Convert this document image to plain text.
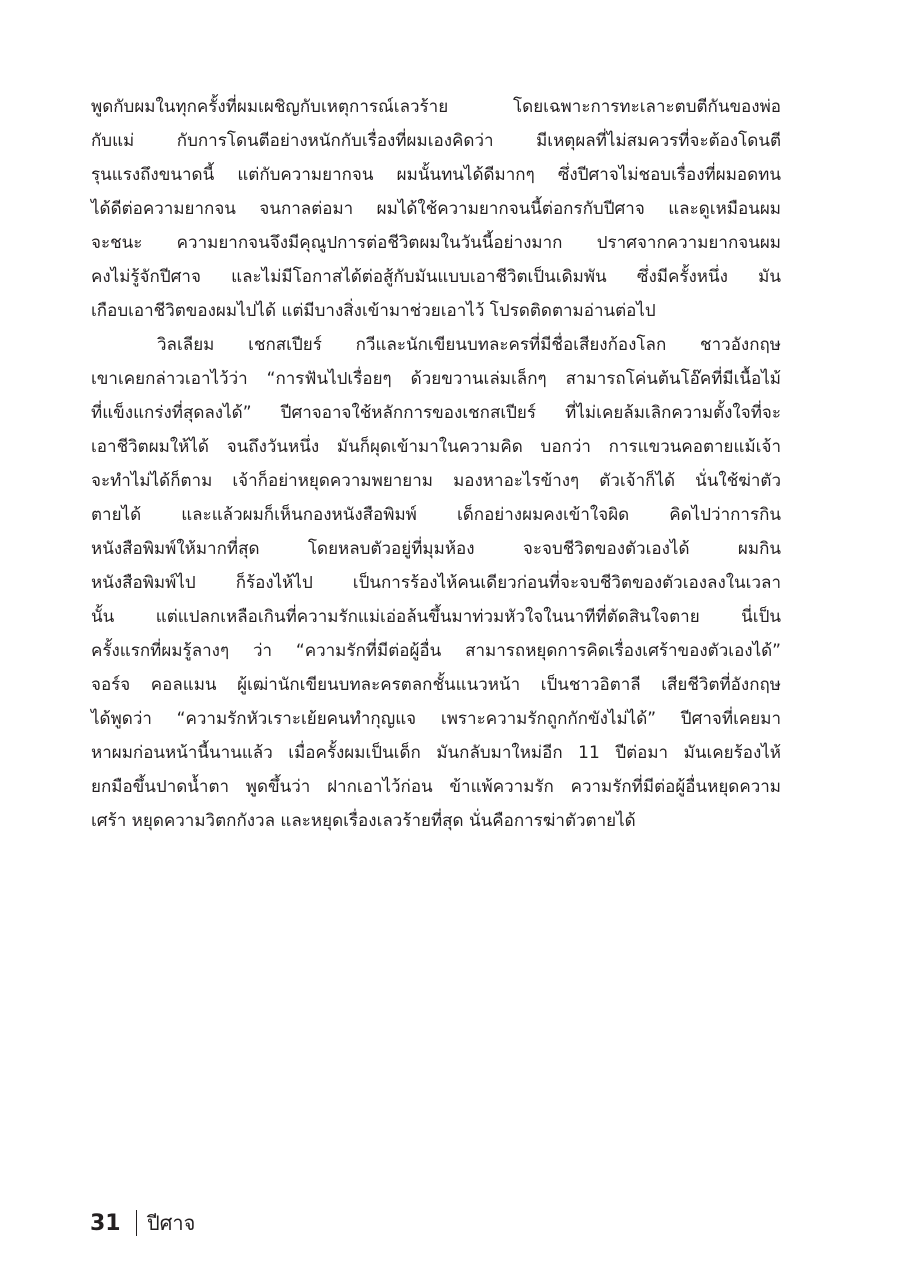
พูดกับผมในทุกครั้งที่ผมเผชิญกับเหตุการณ์เลวร้าย โดยเฉพาะการทะเลาะตบตีกันของพ่อ
กับแม่ กับการโดนตีอย่างหนักกับเรื่องที่ผมเองคิดว่า มีเหตุผลที่ไม่สมควรที่จะต้องโดนตี
รุนแรงถึงขนาดนี้ แต่กับความยากจน ผมนั้นทนได้ดีมากๆ ซึ่งปีศาจไม่ชอบเรื่องที่ผมอดทน
ได้ดีต่อความยากจน จนกาลต่อมา ผมได้ใช้ความยากจนนี้ต่อกรกับปีศาจ และดูเหมือนผม
จะชนะ ความยากจนจึงมีคุณูปการต่อชีวิตผมในวันนี้อย่างมาก ปราศจากความยากจนผม
คงไม่รู้จักปีศาจ และไม่มีโอกาสได้ต่อสู้กับมันแบบเอาชีวิตเป็นเดิมพัน ซึ่งมีครั้งหนึ่ง มัน
เกือบเอาชีวิตของผมไปได้ แต่มีบางสิ่งเข้ามาช่วยเอาไว้ โปรดติดตามอ่านต่อไป
วิลเลียม เชกสเปียร์ กวีและนักเขียนบทละครที่มีชื่อเสียงก้องโลก ชาวอังกฤษ
เขาเคยกล่าวเอาไว้ว่า “การฟันไปเรื่อยๆ ด้วยขวานเล่มเล็กๆ สามารถโค่นต้นโอ๊คที่มีเนื้อไม้
ที่แข็งแกร่งที่สุดลงได้” ปีศาจอาจใช้หลักการของเชกสเปียร์ ที่ไม่เคยล้มเลิกความตั้งใจที่จะ
เอาชีวิตผมให้ได้ จนถึงวันหนึ่ง มันก็ผุดเข้ามาในความคิด บอกว่า การแขวนคอตายแม้เจ้า
จะทำไม่ได้ก็ตาม เจ้าก็อย่าหยุดความพยายาม มองหาอะไรข้างๆ ตัวเจ้าก็ได้ นั่นใช้ฆ่าตัว
ตายได้ และแล้วผมก็เห็นกองหนังสือพิมพ์ เด็กอย่างผมคงเข้าใจผิด คิดไปว่าการกิน
หนังสือพิมพ์ให้มากที่สุด โดยหลบตัวอยู่ที่มุมห้อง จะจบชีวิตของตัวเองได้ ผมกิน
หนังสือพิมพ์ไป ก็ร้องไห้ไป เป็นการร้องไห้คนเดียวก่อนที่จะจบชีวิตของตัวเองลงในเวลา
นั้น แต่แปลกเหลือเกินที่ความรักแม่เอ่อล้นขึ้นมาท่วมหัวใจในนาทีที่ตัดสินใจตาย นี่เป็น
ครั้งแรกที่ผมรู้ลางๆ ว่า “ความรักที่มีต่อผู้อื่น สามารถหยุดการคิดเรื่องเศร้าของตัวเองได้”
จอร์จ คอลแมน ผู้เฒ่านักเขียนบทละครตลกชั้นแนวหน้า เป็นชาวอิตาลี เสียชีวิตที่อังกฤษ
ได้พูดว่า “ความรักหัวเราะเย้ยคนทำกุญแจ เพราะความรักถูกกักขังไม่ได้” ปีศาจที่เคยมา
หาผมก่อนหน้านี้นานแล้ว เมื่อครั้งผมเป็นเด็ก มันกลับมาใหม่อีก 11 ปีต่อมา มันเคยร้องไห้
ยกมือขึ้นปาดน้ำตา พูดขึ้นว่า ฝากเอาไว้ก่อน ข้าแพ้ความรัก ความรักที่มีต่อผู้อื่นหยุดความ
เศร้า หยุดความวิตกกังวล และหยุดเรื่องเลวร้ายที่สุด นั่นคือการฆ่าตัวตายได้
31	ปีศาจ
